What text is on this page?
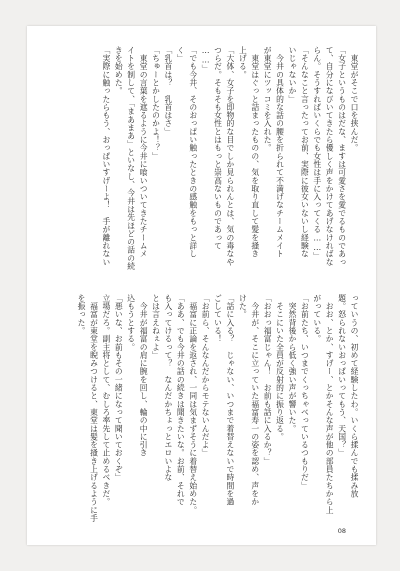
　東堂がそこで口を挟んだ。

「女子というものはだな、ますは可愛さを愛でるものであっ

て、自分になびいてきたら優しく声をかけてあげなければな

らん。そうすればいくらでも女性は手に入ってくる……」

「そんなこと言ったってお前、実際に彼女いないし経験な

いじゃないか」

　今井の具体的な話の腰を折られて不満げなチームメイト

が東堂にツッコミを入れた。

　東堂はぐっと詰まったものの、気を取り直して髪を掻き

上げる。

「大体、女子を即物的な目でしか見られんとは、気の毒なや

つらだ。そもそも女性とはもっと崇高ないものであって

……」

「でも今井、そのおっぱい触ったときの感触をもっと詳し

く」

「乳首は？　乳首はさ」

「ちゅーとかしたのかよ！？」

　東堂の言葉を遮るように今井に喰いついてきたチームメ

イトを制して、「まあまあ」といなし、今井は先ほどの話の続

きを始めた。

「実際に触ったらもう、おっぱいすげーよ！　手が離れない

っていうの、初めて経験したわ。いくら揉んでも揉み放

題。怒られないおっぱいってもう、天国？」

　おお、とか、すげー、とかそんな声が他の部員たちから上

がっている。

「お前たち、いつまでくっちゃべっているつもりだ」

　突然背後から低く強い声が響いた。

　そこにいた全員が反射的に振り返る。

「おおっ福富じゃん！　お前も話に入るか？」

　今井が、そこに立っていた福富寿一の姿を認め、声をか

けた。

「話に入る？　じゃない、いつまで着替えないで時間を過

ごしている！

「お前ら、そんなんだからモテないんだよ」

　福富に正論を返され、一同は気まずそうに着替え始めた。

「ああ、でも今井の話の続きは聞きたいな。お前、それで

も入ってけるって？　なんだかちょっとエロいよな

とは言えねぇよ」

　今井が福富の肩に腕を回し、輪の中に引き

込もうとする。

「悪いな、お前もその一緒になって聞いておくぞ」

立場だろ。副主将として、むしろ率先して止めるべきだ。

　福富が東堂を睨みつけると、東堂は髪を掻き上げるように手

を振った。

08
